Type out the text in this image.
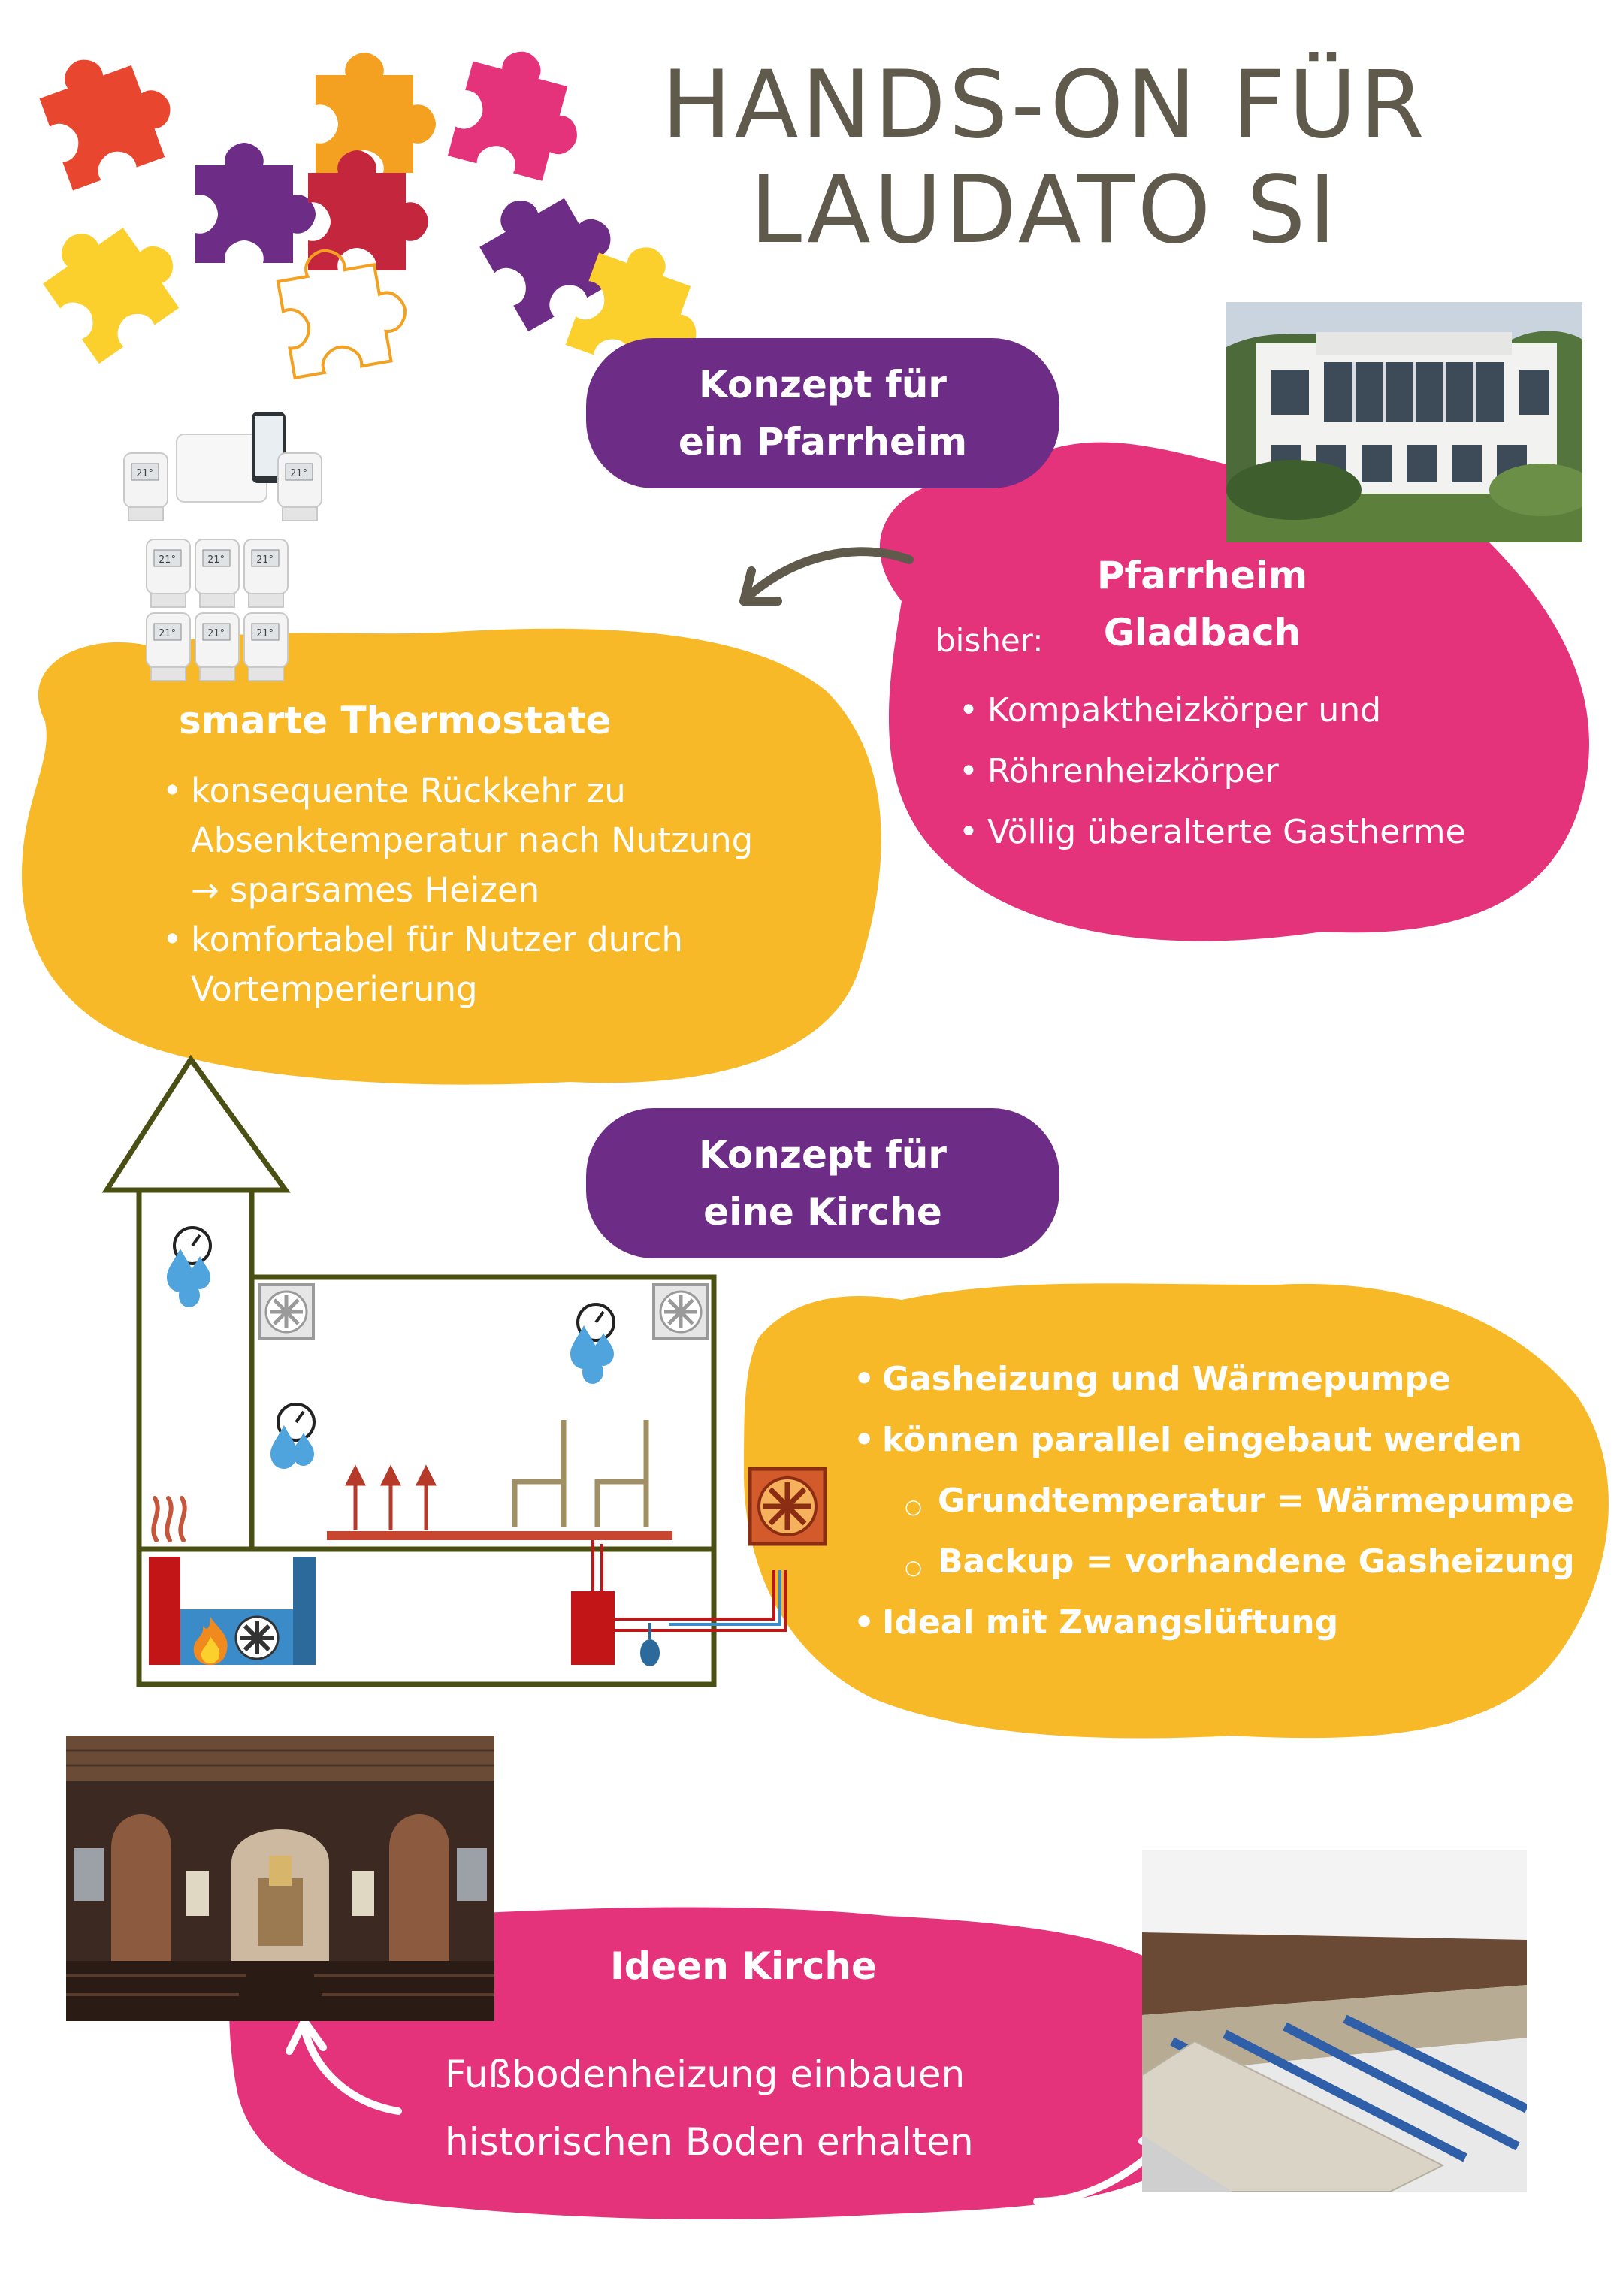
HANDS-ON FÜR
LAUDATO SI
Konzept für
ein Pfarrheim
Pfarrheim
Gladbach
bisher:
• Kompaktheizkörper und
• Röhrenheizkörper
• Völlig überalterte Gastherme
21°
smarte Thermostate
• konsequente Rückkehr zu
Absenktemperatur nach Nutzung
→ sparsames Heizen
• komfortabel für Nutzer durch
Vortemperierung
Konzept für
eine Kirche
• Gasheizung und Wärmepumpe
• können parallel eingebaut werden
○ Grundtemperatur = Wärmepumpe
○ Backup = vorhandene Gasheizung
• Ideal mit Zwangslüftung
Ideen Kirche
Fußbodenheizung einbauen
historischen Boden erhalten
